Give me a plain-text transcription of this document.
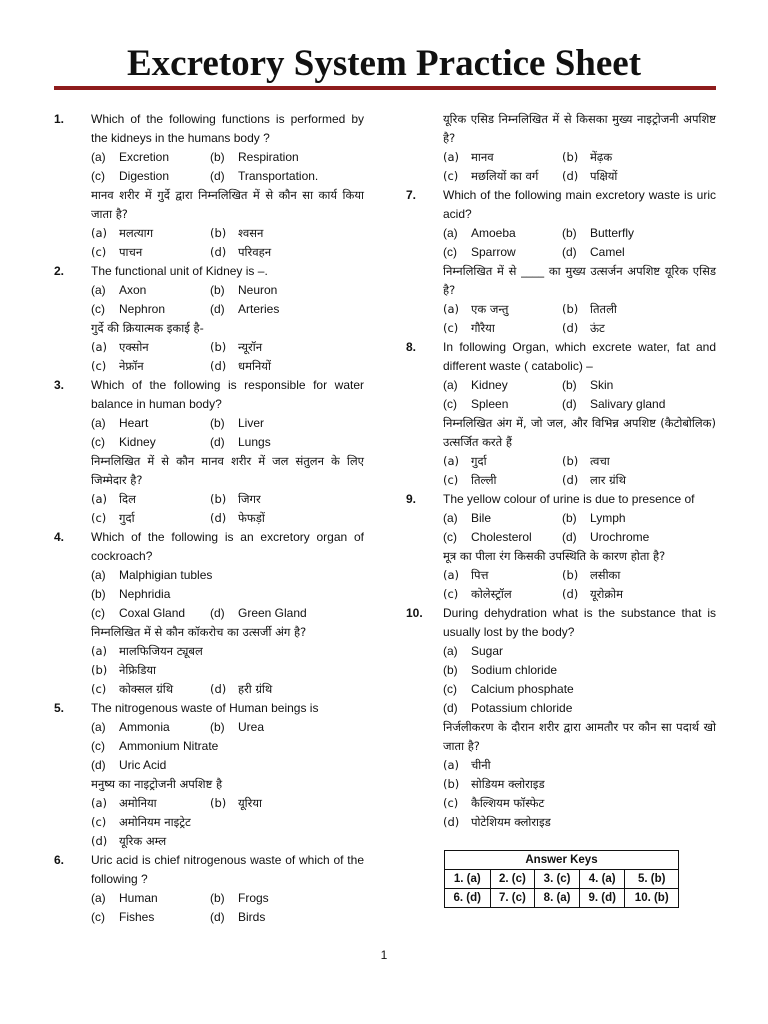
Excretory System Practice Sheet
1.	Which of the following functions is performed by the kidneys in the humans body ?
(a) Excretion	(b) Respiration
(c) Digestion	(d) Transportation.
मानव शरीर में गुर्दे द्वारा निम्नलिखित में से कौन सा कार्य किया जाता है?
(a) मलत्याग	(b) श्वसन
(c) पाचन	(d) परिवहन
2.	The functional unit of Kidney is –.
(a) Axon	(b) Neuron
(c) Nephron	(d) Arteries
गुर्दे की क्रियात्मक इकाई है-
(a) एक्सोन	(b) न्यूरॉन
(c) नेफ्रॉन	(d) धमनियों
3.	Which of the following is responsible for water balance in human body?
(a) Heart	(b) Liver
(c) Kidney	(d) Lungs
निम्नलिखित में से कौन मानव शरीर में जल संतुलन के लिए जिम्मेदार है?
(a) दिल	(b) जिगर
(c) गुर्दा	(d) फेफड़ों
4.	Which of the following is an excretory organ of cockroach?
(a) Malphigian tubles
(b) Nephridia
(c) Coxal Gland (d) Green Gland
निम्नलिखित में से कौन कॉकरोच का उत्सर्जी अंग है?
(a) मालफिजियन ट्यूबल
(b) नेफ्रिडिया
(c) कोक्सल ग्रंथि	(d) हरी ग्रंथि
5.	The nitrogenous waste of Human beings is
(a) Ammonia	(b) Urea
(c) Ammonium Nitrate
(d) Uric Acid
मनुष्य का नाइट्रोजनी अपशिष्ट है
(a) अमोनिया	(b) यूरिया
(c) अमोनियम नाइट्रेट
(d) यूरिक अम्ल
6.	Uric acid is chief nitrogenous waste of which of the following ?
(a) Human	(b) Frogs
(c) Fishes	(d) Birds
यूरिक एसिड निम्नलिखित में से किसका मुख्य नाइट्रोजनी अपशिष्ट है?
(a) मानव	(b) मेंढ़क
(c) मछलियों का वर्ग (d) पक्षियों
7.	Which of the following main excretory waste is uric acid?
(a) Amoeba	(b) Butterfly
(c) Sparrow	(d) Camel
निम्नलिखित में से ____ का मुख्य उत्सर्जन अपशिष्ट यूरिक एसिड है?
(a) एक जन्तु	(b) तितली
(c) गौरैया	(d) ऊंट
8.	In following Organ, which excrete water, fat and different waste ( catabolic) –
(a) Kidney	(b) Skin
(c) Spleen	(d) Salivary gland
निम्नलिखित अंग में, जो जल, और विभिन्न अपशिष्ट (कैटोबोलिक) उत्सर्जित करते हैं
(a) गुर्दा	(b) त्वचा
(c) तिल्ली	(d) लार ग्रंथि
9.	The yellow colour of urine is due to presence of
(a) Bile	(b) Lymph
(c) Cholesterol	(d) Urochrome
मूत्र का पीला रंग किसकी उपस्थिति के कारण होता है?
(a) पित्त	(b) लसीका
(c) कोलेस्ट्रॉल	(d) यूरोक्रोम
10.	During dehydration what is the substance that is usually lost by the body?
(a) Sugar
(b) Sodium chloride
(c) Calcium phosphate
(d) Potassium chloride
निर्जलीकरण के दौरान शरीर द्वारा आमतौर पर कौन सा पदार्थ खो जाता है?
(a) चीनी
(b) सोडियम क्लोराइड
(c) कैल्शियम फॉस्फेट
(d) पोटेशियम क्लोराइड
Answer Keys				
1. (a)	2. (c)	3. (c)	4. (a)	5. (b)
6. (d)	7. (c)	8. (a)	9. (d)	10. (b)
1
